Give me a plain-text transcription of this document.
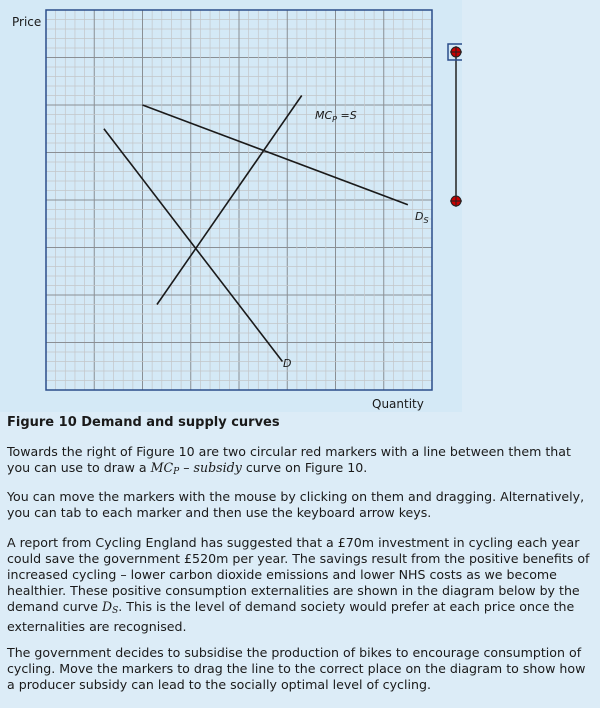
Price
Quantity
$MC_P =S$
D
$D_S$
Figure 10 Demand and supply curves
Towards the right of Figure 10 are two circular red markers with a line between them that you can use to draw a $MC_P$ – subsidy curve on Figure 10.
You can move the markers with the mouse by clicking on them and dragging. Alternatively, you can tab to each marker and then use the keyboard arrow keys.
A report from Cycling England has suggested that a £70m investment in cycling each year could save the government £520m per year. The savings result from the positive benefits of increased cycling – lower carbon dioxide emissions and lower NHS costs as we become healthier. These positive consumption externalities are shown in the diagram below by the demand curve $D_S$. This is the level of demand society would prefer at each price once the externalities are recognised.
The government decides to subsidise the production of bikes to encourage consumption of cycling. Move the markers to drag the line to the correct place on the diagram to show how a producer subsidy can lead to the socially optimal level of cycling.
